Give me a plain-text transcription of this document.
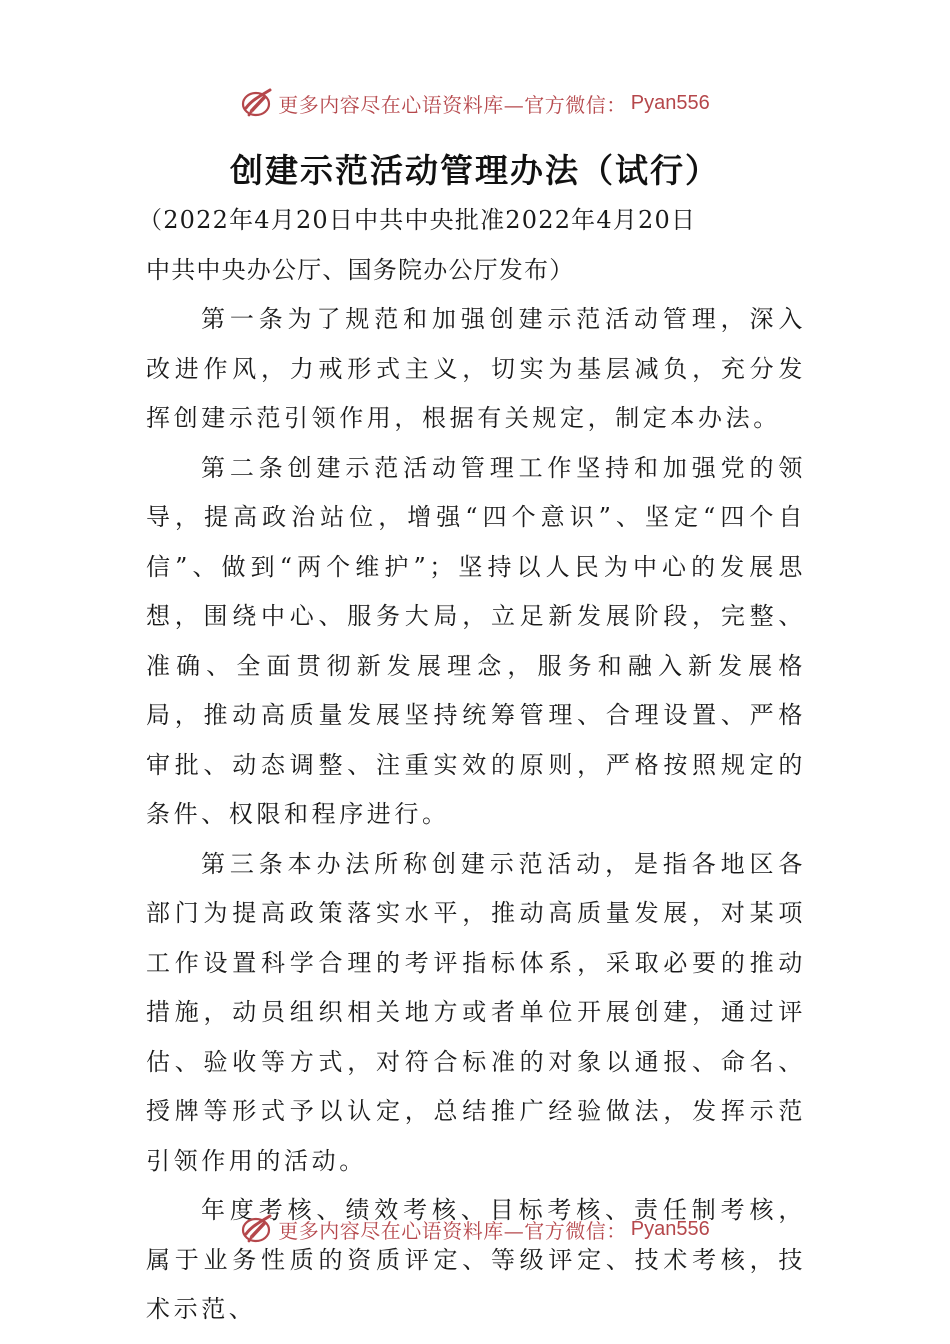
更多内容尽在心语资料库—官方微信： Pyan556
创建示范活动管理办法（试行）

（2022年4月20日中共中央批准2022年4月20日

中共中央办公厅、国务院办公厅发布）

第一条为了规范和加强创建示范活动管理，深入改进作风，力戒形式主义，切实为基层减负，充分发挥创建示范引领作用，根据有关规定，制定本办法。

第二条创建示范活动管理工作坚持和加强党的领导，提高政治站位，增强“四个意识”、坚定“四个自信”、做到“两个维护”；坚持以人民为中心的发展思想，围绕中心、服务大局，立足新发展阶段，完整、准确、全面贯彻新发展理念，服务和融入新发展格局，推动高质量发展坚持统筹管理、合理设置、严格审批、动态调整、注重实效的原则，严格按照规定的条件、权限和程序进行。

第三条本办法所称创建示范活动，是指各地区各部门为提高政策落实水平，推动高质量发展，对某项工作设置科学合理的考评指标体系，采取必要的推动措施，动员组织相关地方或者单位开展创建，通过评估、验收等方式，对符合标准的对象以通报、命名、授牌等形式予以认定，总结推广经验做法，发挥示范引领作用的活动。

年度考核、绩效考核、目标考核、责任制考核，属于业务性质的资质评定、等级评定、技术考核，技术示范、

更多内容尽在心语资料库—官方微信： Pyan556
